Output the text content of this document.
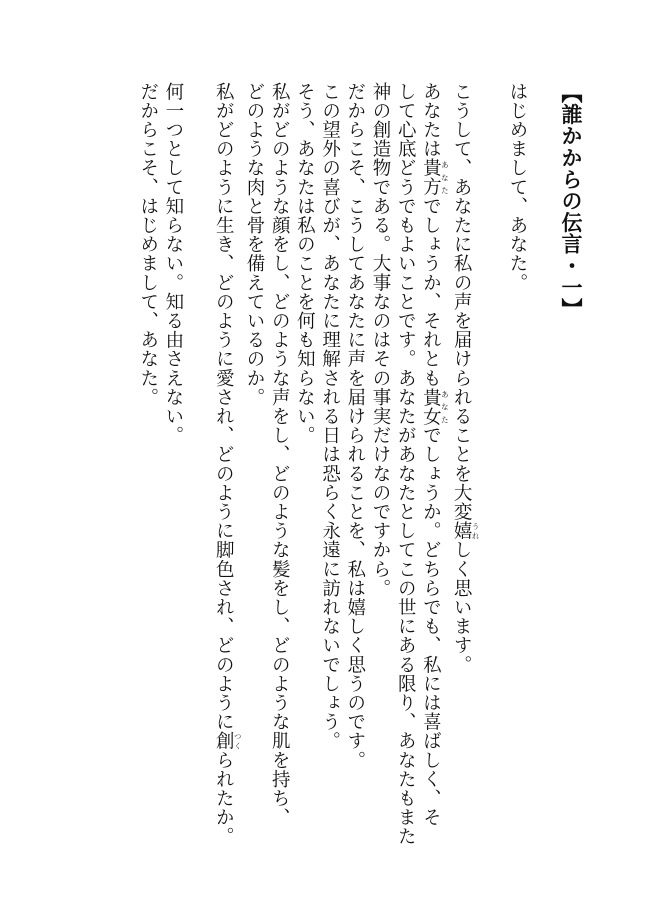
【誰かからの伝言・一】
はじめまして、あなた。
こうして、あなたに私の声を届けられることを大変嬉 うれしく思います。
あなたは貴方 あなたでしょうか、それとも貴女 あなたでしょうか。どちらでも、私には喜ばしく、そ
して心底どうでもよいことです。あなたがあなたとしてこの世にある限り、あなたもまた
神の創造物である。大事なのはその事実だけなのですから。
だからこそ、こうしてあなたに声を届けられることを、私は嬉しく思うのです。
この望外の喜びが、あなたに理解される日は恐らく永遠に訪れないでしょう。
そう、あなたは私のことを何も知らない。
私がどのような顔をし、どのような声をし、どのような髪をし、どのような肌を持ち、
どのような肉と骨を備えているのか。
私がどのように生き、どのように愛され、どのように脚色され、どのように創 つくられたか。
何一つとして知らない。知る由さえない。
だからこそ、はじめまして、あなた。
